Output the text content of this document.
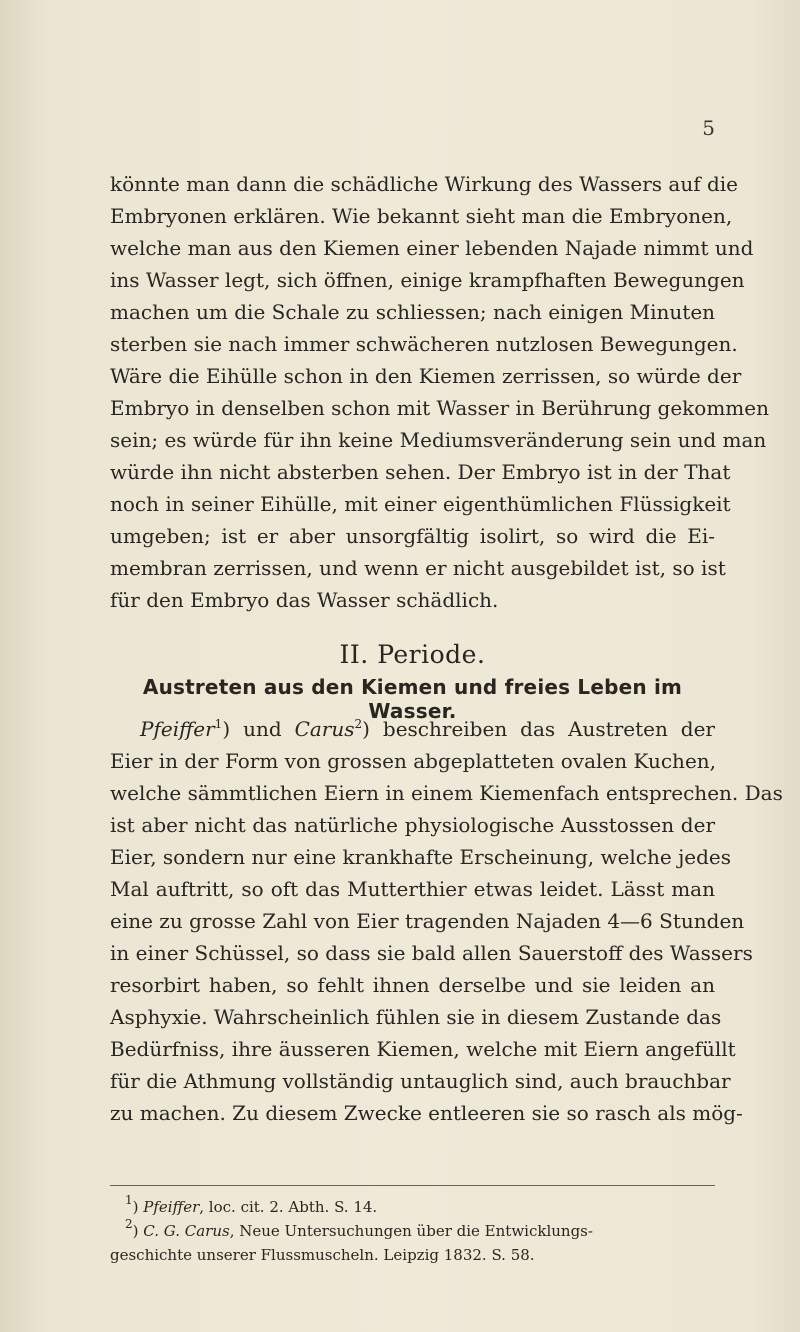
5
könnte man dann die schädliche Wirkung des Wassers auf die
Embryonen erklären. Wie bekannt sieht man die Embryonen,
welche man aus den Kiemen einer lebenden Najade nimmt und
ins Wasser legt, sich öffnen, einige krampfhaften Bewegungen
machen um die Schale zu schliessen; nach einigen Minuten
sterben sie nach immer schwächeren nutzlosen Bewegungen.
Wäre die Eihülle schon in den Kiemen zerrissen, so würde der
Embryo in denselben schon mit Wasser in Berührung gekommen
sein; es würde für ihn keine Mediumsveränderung sein und man
würde ihn nicht absterben sehen. Der Embryo ist in der That
noch in seiner Eihülle, mit einer eigenthümlichen Flüssigkeit
umgeben; ist er aber unsorgfältig isolirt, so wird die Ei-
membran zerrissen, und wenn er nicht ausgebildet ist, so ist
für den Embryo das Wasser schädlich.
II. Periode.
Austreten aus den Kiemen und freies Leben im Wasser.
Pfeiffer$^1$) und Carus$^2$) beschreiben das Austreten der
Eier in der Form von grossen abgeplatteten ovalen Kuchen,
welche sämmtlichen Eiern in einem Kiemenfach entsprechen. Das
ist aber nicht das natürliche physiologische Ausstossen der
Eier, sondern nur eine krankhafte Erscheinung, welche jedes
Mal auftritt, so oft das Mutterthier etwas leidet. Lässt man
eine zu grosse Zahl von Eier tragenden Najaden 4—6 Stunden
in einer Schüssel, so dass sie bald allen Sauerstoff des Wassers
resorbirt haben, so fehlt ihnen derselbe und sie leiden an
Asphyxie. Wahrscheinlich fühlen sie in diesem Zustande das
Bedürfniss, ihre äusseren Kiemen, welche mit Eiern angefüllt
für die Athmung vollständig untauglich sind, auch brauchbar
zu machen. Zu diesem Zwecke entleeren sie so rasch als mög-
$^1$) Pfeiffer, loc. cit. 2. Abth. S. 14.
$^2$) C. G. Carus, Neue Untersuchungen über die Entwicklungs-
geschichte unserer Flussmuscheln. Leipzig 1832. S. 58.
